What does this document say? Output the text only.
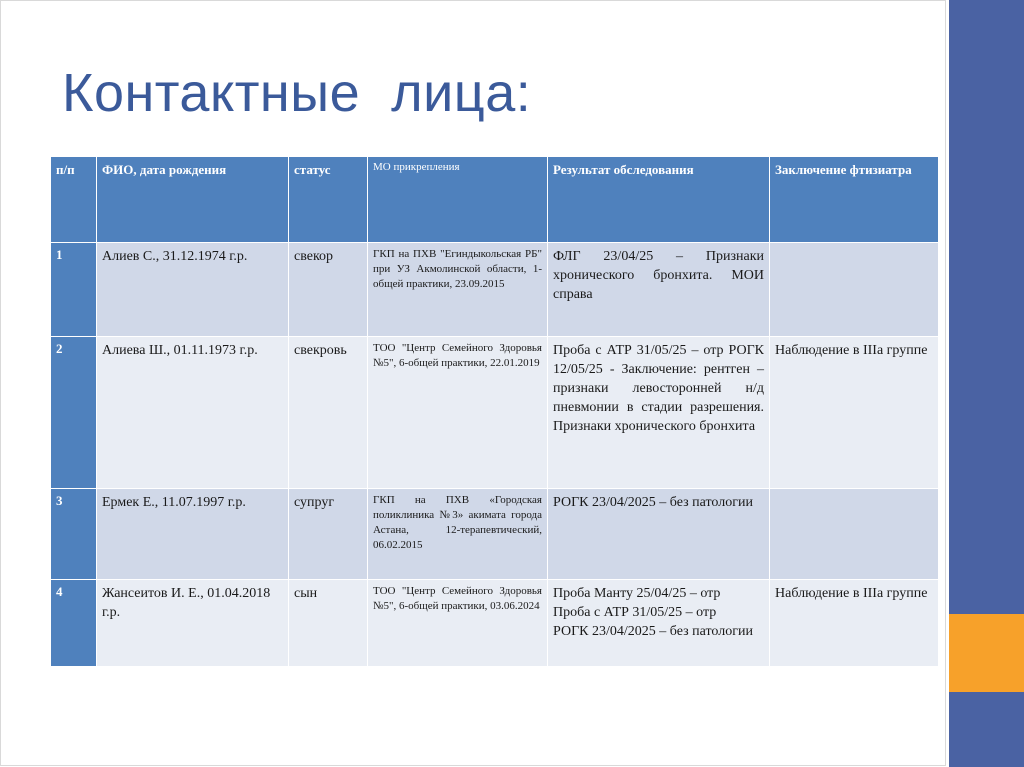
Контактные  лица:
п/п	ФИО, дата рождения	статус	МО прикрепления	Результат обследования	Заключение фтизиатра
1	Алиев С., 31.12.1974 г.р.	свекор	ГКП на ПХВ "Егиндыкольская РБ" при УЗ Акмолинской области, 1-общей практики, 23.09.2015	ФЛГ 23/04/25 – Признаки хронического бронхита. МОИ справа	
2	Алиева Ш., 01.11.1973 г.р.	свекровь	ТОО "Центр Семейного Здоровья №5", 6-общей практики, 22.01.2019	Проба с АТР 31/05/25 – отр РОГК 12/05/25 - Заключение: рентген – признаки левосторонней н/д пневмонии в стадии разрешения. Признаки хронического бронхита	Наблюдение в IIIa группе
3	Ермек Е., 11.07.1997 г.р.	супруг	ГКП на ПХВ «Городская поликлиника №3» акимата города Астана, 12-терапевтический, 06.02.2015	РОГК 23/04/2025 – без патологии	
4	Жансеитов И. Е., 01.04.2018 г.р.	сын	ТОО "Центр Семейного Здоровья №5", 6-общей практики, 03.06.2024	Проба Манту 25/04/25 – отр
Проба с АТР 31/05/25 – отр
РОГК 23/04/2025 – без патологии	Наблюдение в IIIa группе
